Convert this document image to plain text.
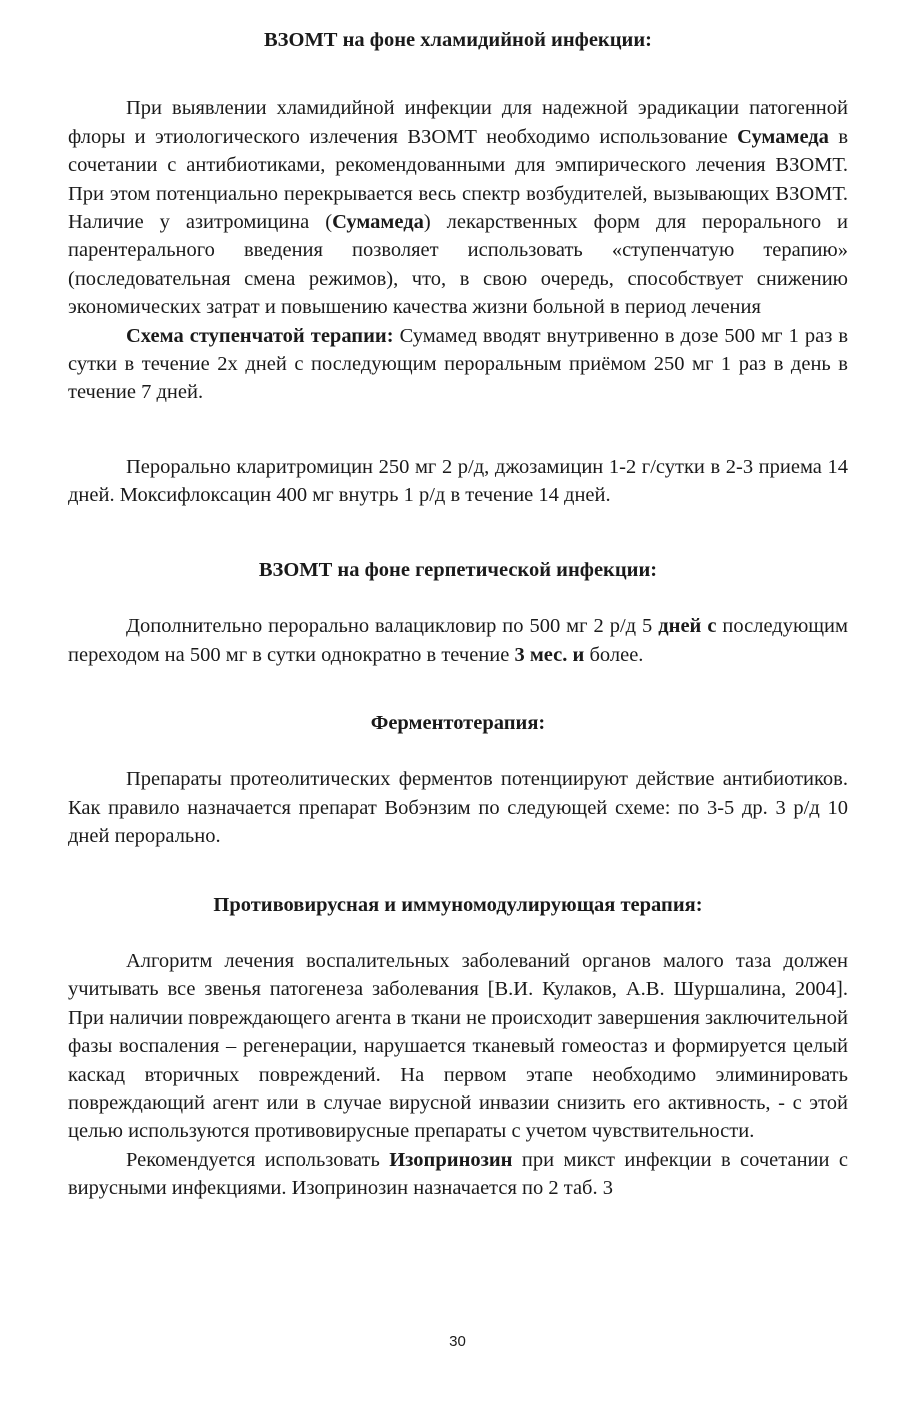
ВЗОМТ на фоне хламидийной инфекции:

При выявлении хламидийной инфекции для надежной эрадикации патогенной флоры и этиологического излечения ВЗОМТ необходимо использование Сумамеда в сочетании с антибиотиками, рекомендованными для эмпирического лечения ВЗОМТ. При этом потенциально перекрывается весь спектр возбудителей, вызывающих ВЗОМТ. Наличие у азитромицина (Сумамеда) лекарственных форм для перорального и парентерального введения позволяет использовать «ступенчатую терапию» (последовательная смена режимов), что, в свою очередь, способствует снижению экономических затрат и повышению качества жизни больной в период лечения

Схема ступенчатой терапии: Сумамед вводят внутривенно в дозе 500 мг 1 раз в сутки в течение 2х дней с последующим пероральным приёмом 250 мг 1 раз в день в течение 7 дней.

Перорально кларитромицин 250 мг 2 р/д, джозамицин 1-2 г/сутки в 2-3 приема 14 дней. Моксифлоксацин 400 мг внутрь 1 р/д в течение 14 дней.

ВЗОМТ на фоне герпетической инфекции:

Дополнительно перорально валацикловир по 500 мг 2 р/д 5 дней с последующим переходом на 500 мг в сутки однократно в течение 3 мес. и более.

Ферментотерапия:

Препараты протеолитических ферментов потенциируют действие антибиотиков. Как правило назначается препарат Вобэнзим по следующей схеме: по 3-5 др. 3 р/д 10 дней перорально.

Противовирусная и иммуномодулирующая терапия:

Алгоритм лечения воспалительных заболеваний органов малого таза должен учитывать все звенья патогенеза заболевания [В.И. Кулаков, А.В. Шуршалина, 2004]. При наличии повреждающего агента в ткани не происходит завершения заключительной фазы воспаления – регенерации, нарушается тканевый гомеостаз и формируется целый каскад вторичных повреждений. На первом этапе необходимо элиминировать повреждающий агент или в случае вирусной инвазии снизить его активность, - с этой целью используются противовирусные препараты с учетом чувствительности.

Рекомендуется использовать Изопринозин при микст инфекции в сочетании с вирусными инфекциями. Изопринозин назначается по 2 таб. 3

30
